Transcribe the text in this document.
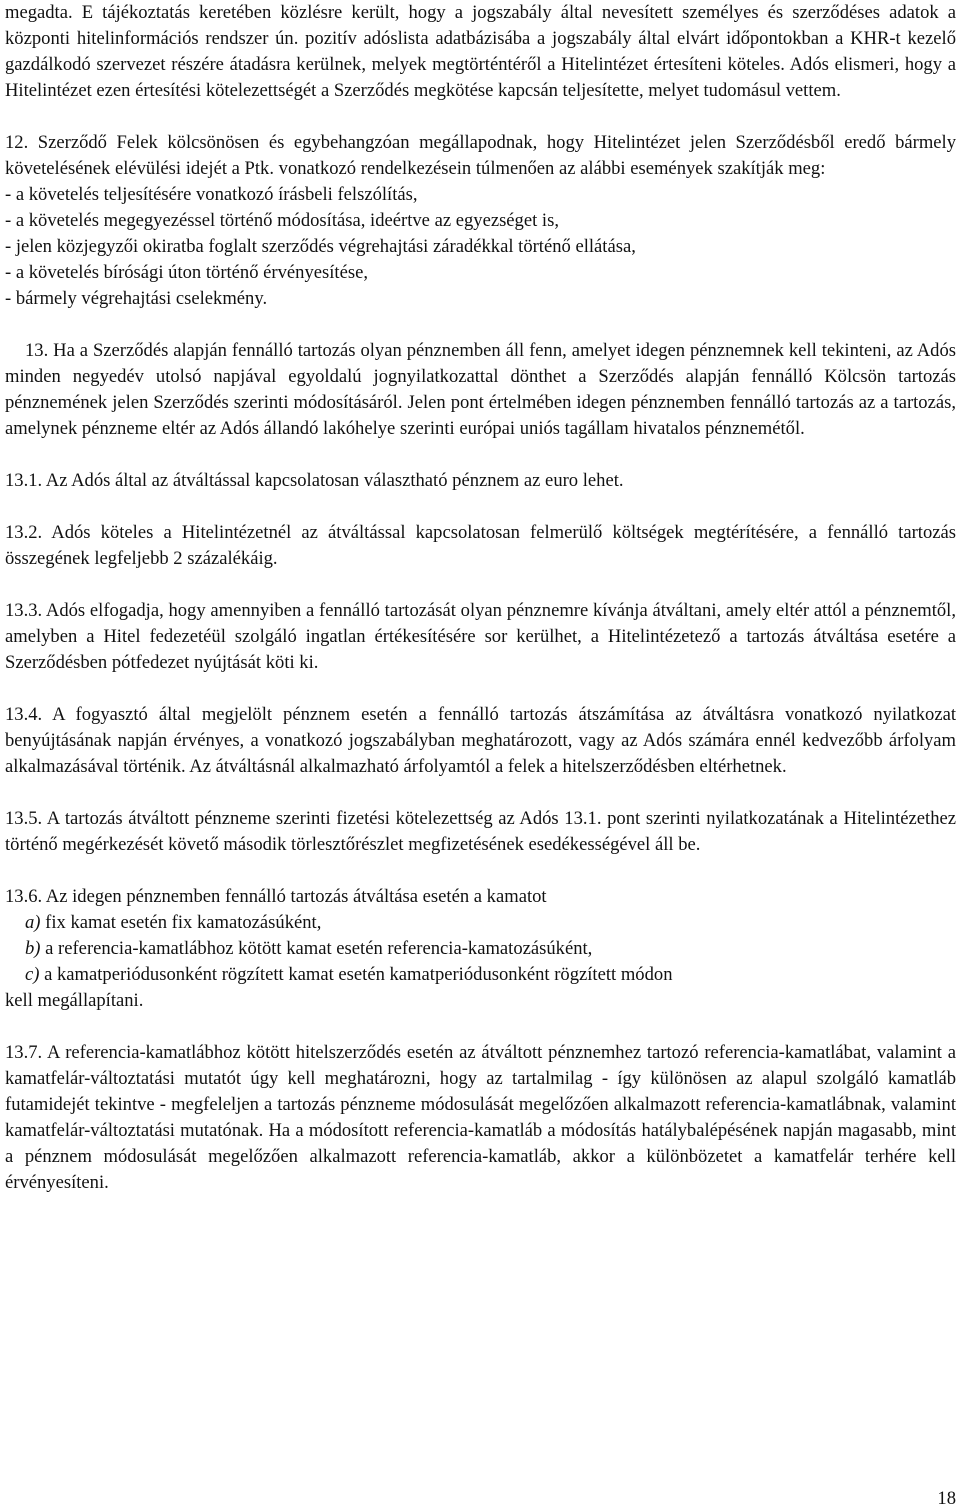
megadta. E tájékoztatás keretében közlésre került, hogy a jogszabály által nevesített személyes és szerződéses adatok a központi hitelinformációs rendszer ún. pozitív adóslista adatbázisába a jogszabály által elvárt időpontokban a KHR-t kezelő gazdálkodó szervezet részére átadásra kerülnek, melyek megtörténtéről a Hitelintézet értesíteni köteles. Adós elismeri, hogy a Hitelintézet ezen értesítési kötelezettségét a Szerződés megkötése kapcsán teljesítette, melyet tudomásul vettem.

12. Szerződő Felek kölcsönösen és egybehangzóan megállapodnak, hogy Hitelintézet jelen Szerződésből eredő bármely követelésének elévülési idejét a Ptk. vonatkozó rendelkezésein túlmenően az alábbi események szakítják meg:

- a követelés teljesítésére vonatkozó írásbeli felszólítás,
- a követelés megegyezéssel történő módosítása, ideértve az egyezséget is,
- jelen közjegyzői okiratba foglalt szerződés végrehajtási záradékkal történő ellátása,
- a követelés bírósági úton történő érvényesítése,
- bármely végrehajtási cselekmény.

13. Ha a Szerződés alapján fennálló tartozás olyan pénznemben áll fenn, amelyet idegen pénznemnek kell tekinteni, az Adós minden negyedév utolsó napjával egyoldalú jognyilatkozattal dönthet a Szerződés alapján fennálló Kölcsön tartozás pénznemének jelen Szerződés szerinti módosításáról. Jelen pont értelmében idegen pénznemben fennálló tartozás az a tartozás, amelynek pénzneme eltér az Adós állandó lakóhelye szerinti európai uniós tagállam hivatalos pénznemétől.

13.1. Az Adós által az átváltással kapcsolatosan választható pénznem az euro lehet.

13.2. Adós köteles a Hitelintézetnél az átváltással kapcsolatosan felmerülő költségek megtérítésére, a fennálló tartozás összegének legfeljebb 2 százalékáig.

13.3. Adós elfogadja, hogy amennyiben a fennálló tartozását olyan pénznemre kívánja átváltani, amely eltér attól a pénznemtől, amelyben a Hitel fedezetéül szolgáló ingatlan értékesítésére sor kerülhet, a Hitelintézetező a tartozás átváltása esetére a Szerződésben pótfedezet nyújtását köti ki.

13.4. A fogyasztó által megjelölt pénznem esetén a fennálló tartozás átszámítása az átváltásra vonatkozó nyilatkozat benyújtásának napján érvényes, a vonatkozó jogszabályban meghatározott, vagy az Adós számára ennél kedvezőbb árfolyam alkalmazásával történik. Az átváltásnál alkalmazható árfolyamtól a felek a hitelszerződésben eltérhetnek.

13.5. A tartozás átváltott pénzneme szerinti fizetési kötelezettség az Adós 13.1. pont szerinti nyilatkozatának a Hitelintézethez történő megérkezését követő második törlesztőrészlet megfizetésének esedékességével áll be.

13.6. Az idegen pénznemben fennálló tartozás átváltása esetén a kamatot
a) fix kamat esetén fix kamatozásúként,
b) a referencia-kamatlábhoz kötött kamat esetén referencia-kamatozásúként,
c) a kamatperiódusonként rögzített kamat esetén kamatperiódusonként rögzített módon
kell megállapítani.

13.7. A referencia-kamatlábhoz kötött hitelszerződés esetén az átváltott pénznemhez tartozó referencia-kamatlábat, valamint a kamatfelár-változtatási mutatót úgy kell meghatározni, hogy az tartalmilag - így különösen az alapul szolgáló kamatláb futamidejét tekintve - megfeleljen a tartozás pénzneme módosulását megelőzően alkalmazott referencia-kamatlábnak, valamint kamatfelár-változtatási mutatónak. Ha a módosított referencia-kamatláb a módosítás hatálybalépésének napján magasabb, mint a pénznem módosulását megelőzően alkalmazott referencia-kamatláb, akkor a különbözetet a kamatfelár terhére kell érvényesíteni.

18
